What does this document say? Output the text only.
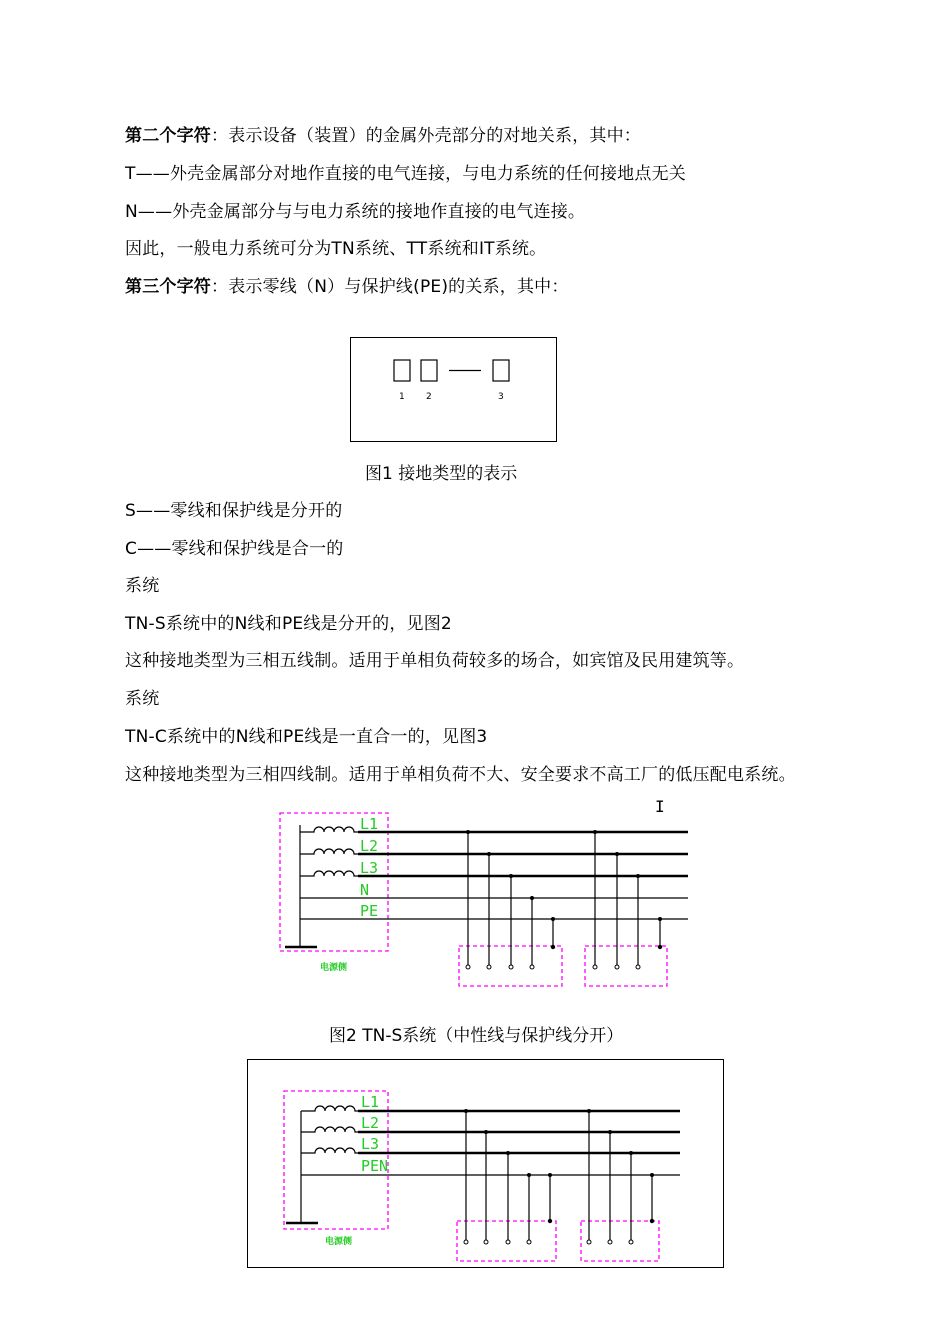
第二个字符：表示设备（装置）的金属外壳部分的对地关系，其中：
T——外壳金属部分对地作直接的电气连接，与电力系统的任何接地点无关
N——外壳金属部分与与电力系统的接地作直接的电气连接。
因此，一般电力系统可分为TN系统、TT系统和IT系统。
第三个字符：表示零线（N）与保护线(PE)的关系，其中：
1 2	3
图1 接地类型的表示
S——零线和保护线是分开的
C——零线和保护线是合一的
系统
TN-S系统中的N线和PE线是分开的，见图2
这种接地类型为三相五线制。适用于单相负荷较多的场合，如宾馆及民用建筑等。
系统
TN-C系统中的N线和PE线是一直合一的，见图3
这种接地类型为三相四线制。适用于单相负荷不大、安全要求不高工厂的低压配电系统。
I
L1
L2
L3
N
PE
电源侧
图2 TN-S系统（中性线与保护线分开）
L1
L2
L3
PEN
电源侧
